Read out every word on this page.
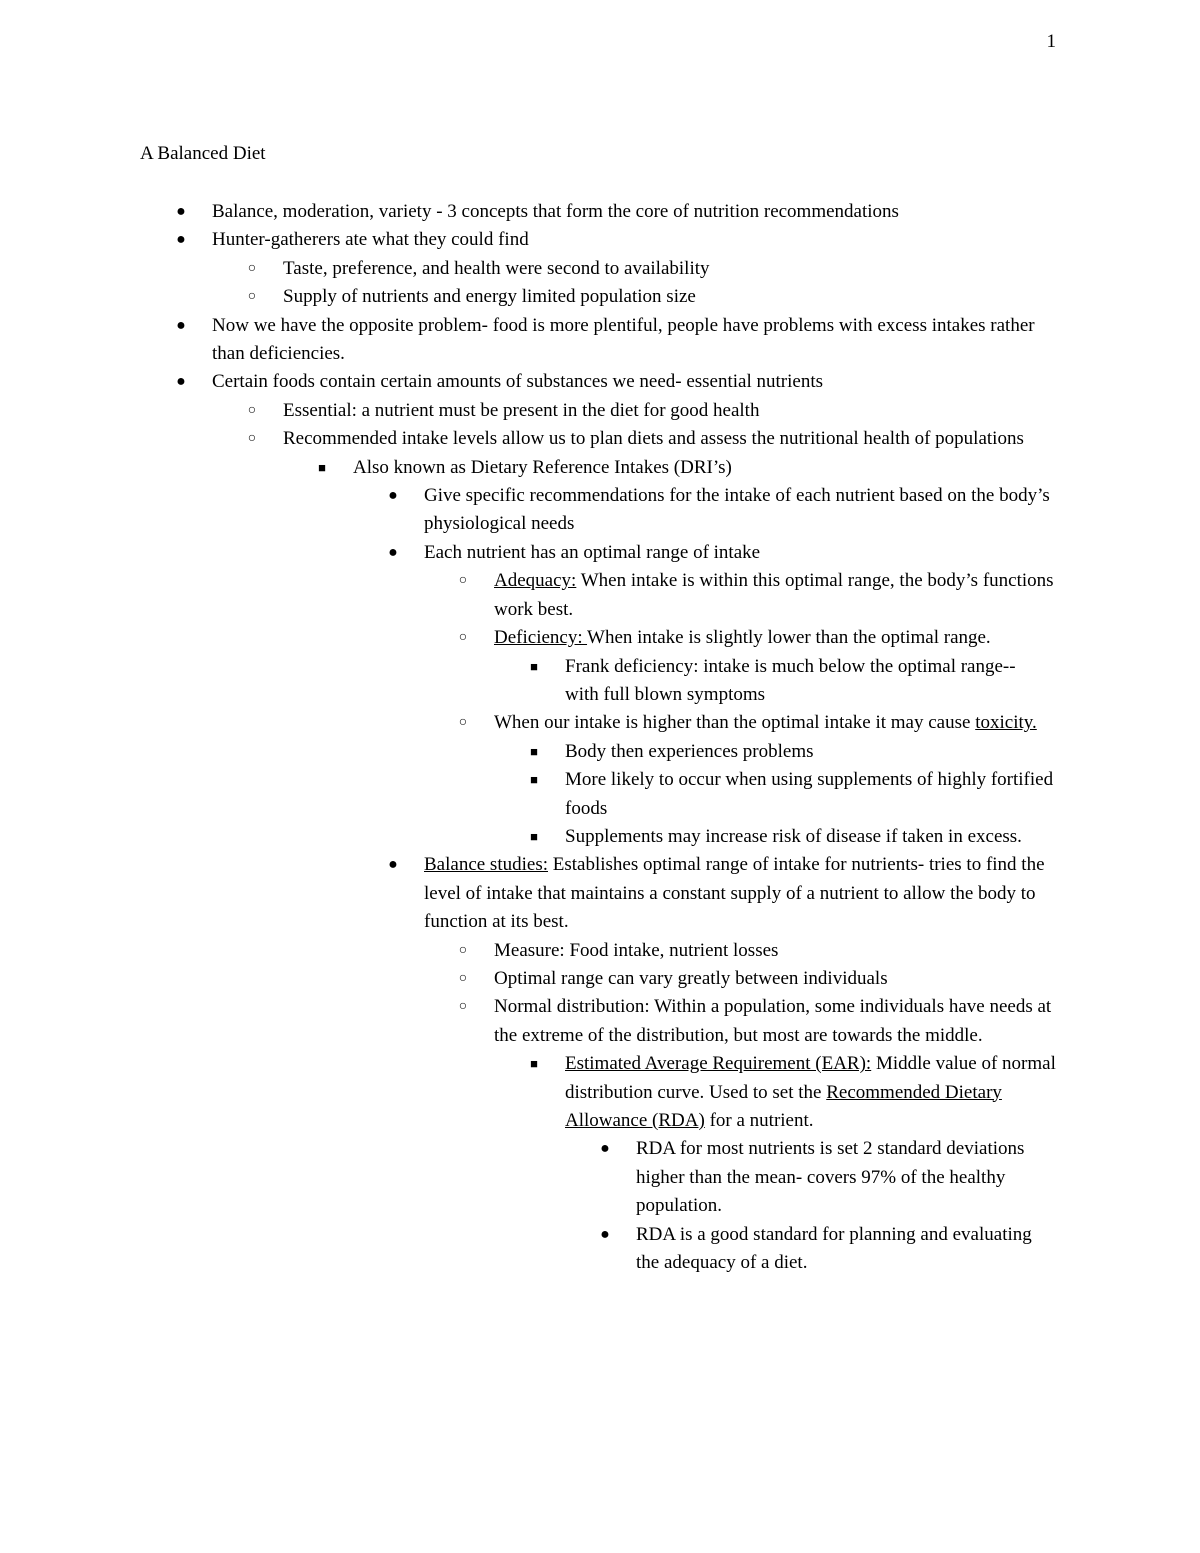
1
A Balanced Diet
● Balance, moderation, variety - 3 concepts that form the core of nutrition recommendations
● Hunter-gatherers ate what they could find
○ Taste, preference, and health were second to availability
○ Supply of nutrients and energy limited population size
● Now we have the opposite problem- food is more plentiful, people have problems with excess intakes rather than deficiencies.
● Certain foods contain certain amounts of substances we need- essential nutrients
○ Essential: a nutrient must be present in the diet for good health
○ Recommended intake levels allow us to plan diets and assess the nutritional health of populations
■ Also known as Dietary Reference Intakes (DRI’s)
● Give specific recommendations for the intake of each nutrient based on the body’s physiological needs
● Each nutrient has an optimal range of intake
○ Adequacy: When intake is within this optimal range, the body’s functions work best.
○ Deficiency: When intake is slightly lower than the optimal range.
■ Frank deficiency: intake is much below the optimal range-- with full blown symptoms
○ When our intake is higher than the optimal intake it may cause toxicity.
■ Body then experiences problems
■ More likely to occur when using supplements of highly fortified foods
■ Supplements may increase risk of disease if taken in excess.
● Balance studies: Establishes optimal range of intake for nutrients- tries to find the level of intake that maintains a constant supply of a nutrient to allow the body to function at its best.
○ Measure: Food intake, nutrient losses
○ Optimal range can vary greatly between individuals
○ Normal distribution: Within a population, some individuals have needs at the extreme of the distribution, but most are towards the middle.
■ Estimated Average Requirement (EAR): Middle value of normal distribution curve. Used to set the Recommended Dietary Allowance (RDA) for a nutrient.
● RDA for most nutrients is set 2 standard deviations higher than the mean- covers 97% of the healthy population.
● RDA is a good standard for planning and evaluating the adequacy of a diet.
